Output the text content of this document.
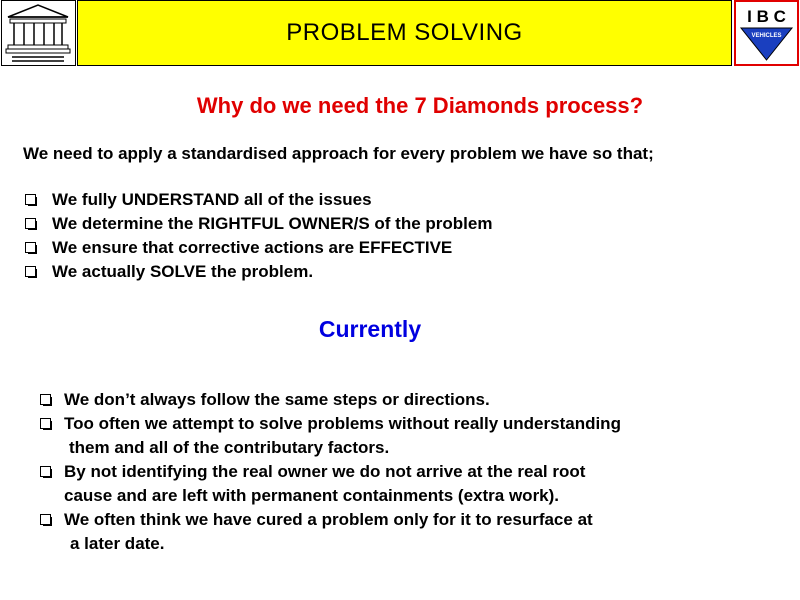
PROBLEM SOLVING
I B C
VEHICLES
Why do we need the 7 Diamonds process?
We need to apply a standardised approach for every problem we have so that;
We fully UNDERSTAND all of the issues
We determine the RIGHTFUL OWNER/S of the problem
We ensure that corrective actions are EFFECTIVE
We actually SOLVE the problem.
Currently
We don’t always follow the same steps or directions.
Too often we attempt to solve problems without really understanding
them and all of the contributary factors.
By not identifying the real owner we do not arrive at the real root
cause and are left with permanent containments (extra work).
We often think we have cured a problem only for it to resurface at
a later date.
